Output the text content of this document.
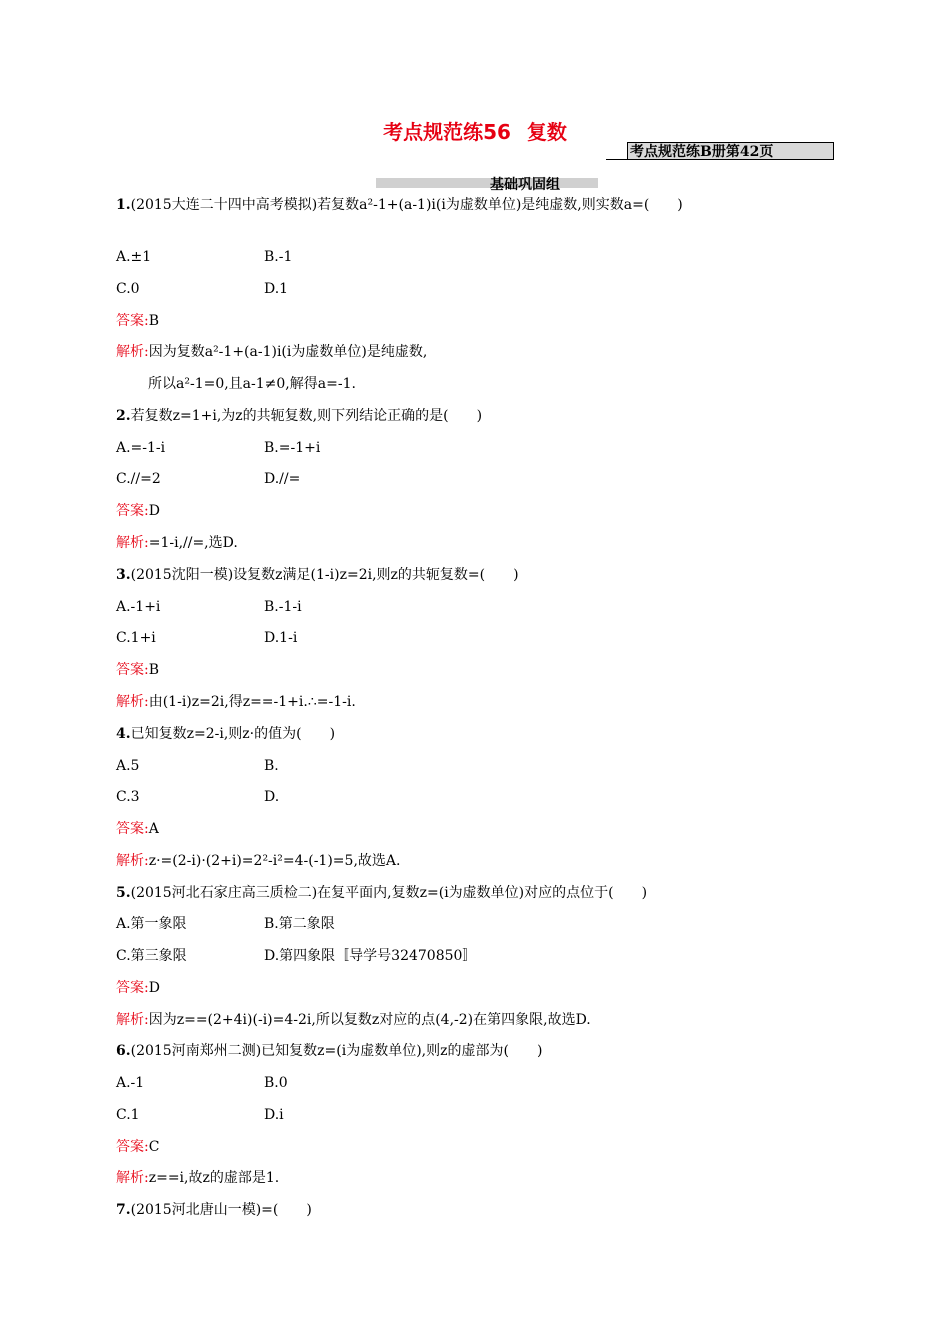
考点规范练56 复数
考点规范练B册第42页
基础巩固组
1.(2015大连二十四中高考模拟)若复数a²-1+(a-1)i(i为虚数单位)是纯虚数,则实数a=(　　)
A.±1	B.-1
C.0	D.1
答案:B
解析:因为复数a²-1+(a-1)i(i为虚数单位)是纯虚数,
所以a²-1=0,且a-1≠0,解得a=-1.
2.若复数z=1+i,为z的共轭复数,则下列结论正确的是(　　)
A.=-1-i	B.=-1+i
C.//=2	D.//=
答案:D
解析:=1-i,//=,选D.
3.(2015沈阳一模)设复数z满足(1-i)z=2i,则z的共轭复数=(　　)
A.-1+i	B.-1-i
C.1+i	D.1-i
答案:B
解析:由(1-i)z=2i,得z==-1+i.∴=-1-i.
4.已知复数z=2-i,则z·的值为(　　)
A.5	B.
C.3	D.
答案:A
解析:z·=(2-i)·(2+i)=2²-i²=4-(-1)=5,故选A.
5.(2015河北石家庄高三质检二)在复平面内,复数z=(i为虚数单位)对应的点位于(　　)
A.第一象限	B.第二象限
C.第三象限	D.第四象限〚导学号32470850〛
答案:D
解析:因为z==(2+4i)(-i)=4-2i,所以复数z对应的点(4,-2)在第四象限,故选D.
6.(2015河南郑州二测)已知复数z=(i为虚数单位),则z的虚部为(　　)
A.-1	B.0
C.1	D.i
答案:C
解析:z==i,故z的虚部是1.
7.(2015河北唐山一模)=(　　)
